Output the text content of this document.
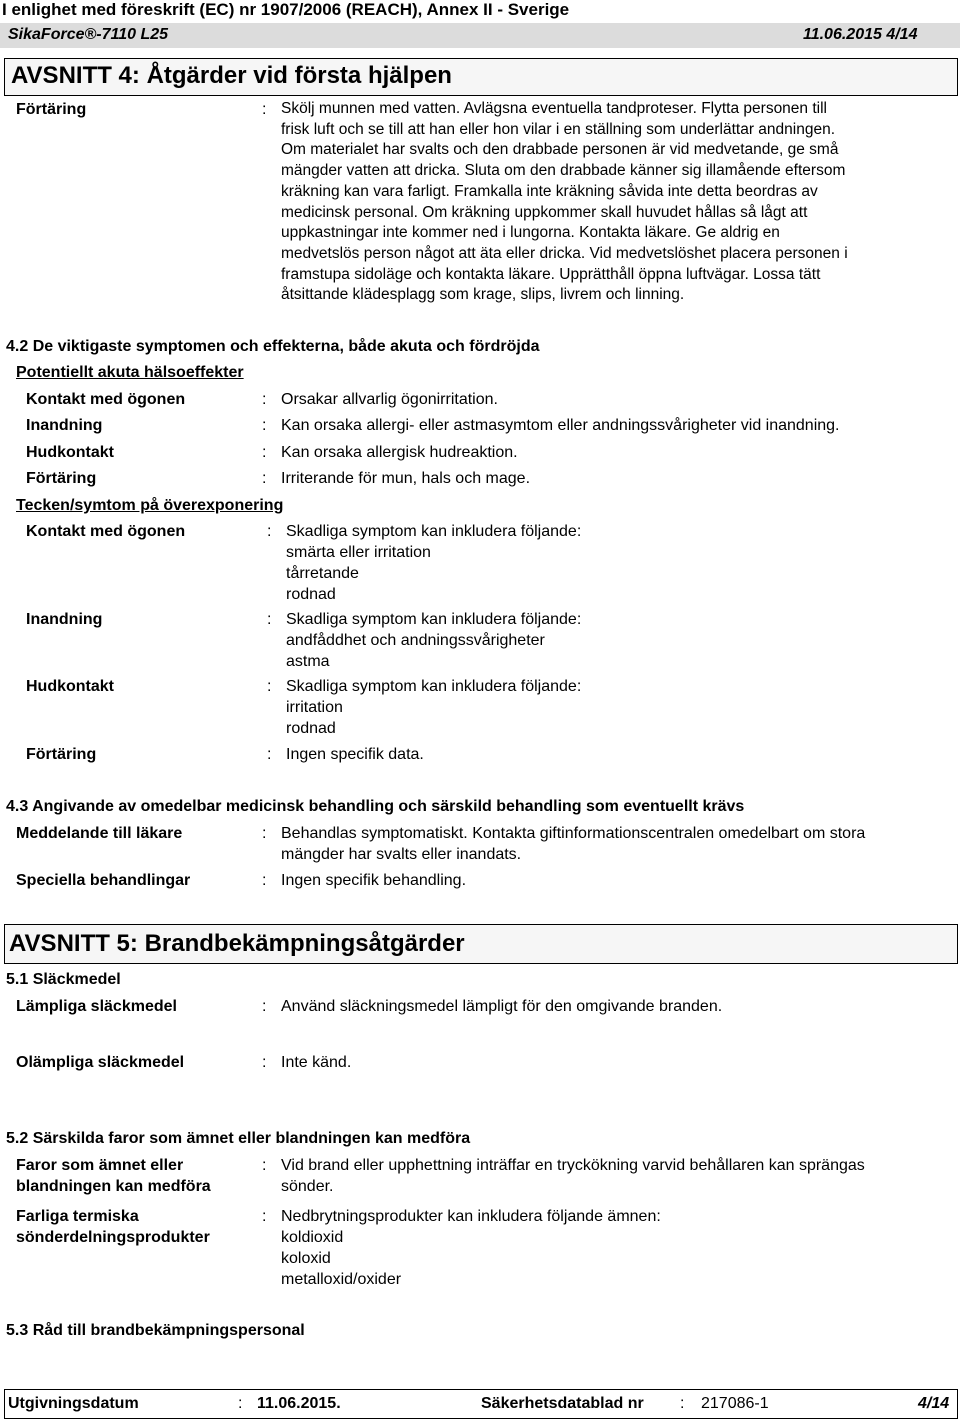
I enlighet med föreskrift (EC) nr 1907/2006 (REACH), Annex II - Sverige
SikaForce®-7110 L25	11.06.2015 4/14
AVSNITT 4: Åtgärder vid första hjälpen
Förtäring	: Skölj munnen med vatten. Avlägsna eventuella tandproteser. Flytta personen till
frisk luft och se till att han eller hon vilar i en ställning som underlättar andningen.
Om materialet har svalts och den drabbade personen är vid medvetande, ge små
mängder vatten att dricka. Sluta om den drabbade känner sig illamående eftersom
kräkning kan vara farligt. Framkalla inte kräkning såvida inte detta beordras av
medicinsk personal. Om kräkning uppkommer skall huvudet hållas så lågt att
uppkastningar inte kommer ned i lungorna. Kontakta läkare. Ge aldrig en
medvetslös person något att äta eller dricka. Vid medvetslöshet placera personen i
framstupa sidoläge och kontakta läkare. Upprätthåll öppna luftvägar. Lossa tätt
åtsittande klädesplagg som krage, slips, livrem och linning.
4.2 De viktigaste symptomen och effekterna, både akuta och fördröjda
Potentiellt akuta hälsoeffekter
Kontakt med ögonen	: Orsakar allvarlig ögonirritation.
Inandning	: Kan orsaka allergi- eller astmasymtom eller andningssvårigheter vid inandning.
Hudkontakt	: Kan orsaka allergisk hudreaktion.
Förtäring	: Irriterande för mun, hals och mage.
Tecken/symtom på överexponering
Kontakt med ögonen	: Skadliga symptom kan inkludera följande:
smärta eller irritation
tårretande
rodnad
Inandning	: Skadliga symptom kan inkludera följande:
andfåddhet och andningssvårigheter
astma
Hudkontakt	: Skadliga symptom kan inkludera följande:
irritation
rodnad
Förtäring	: Ingen specifik data.
4.3 Angivande av omedelbar medicinsk behandling och särskild behandling som eventuellt krävs
Meddelande till läkare	: Behandlas symptomatiskt. Kontakta giftinformationscentralen omedelbart om stora
mängder har svalts eller inandats.
Speciella behandlingar	: Ingen specifik behandling.
AVSNITT 5: Brandbekämpningsåtgärder
5.1 Släckmedel
Lämpliga släckmedel	: Använd släckningsmedel lämpligt för den omgivande branden.
Olämpliga släckmedel	: Inte känd.
5.2 Särskilda faror som ämnet eller blandningen kan medföra
Faror som ämnet eller
blandningen kan medföra
: Vid brand eller upphettning inträffar en tryckökning varvid behållaren kan sprängas
sönder.
Farliga termiska
sönderdelningsprodukter
: Nedbrytningsprodukter kan inkludera följande ämnen:
koldioxid
koloxid
metalloxid/oxider
5.3 Råd till brandbekämpningspersonal
Utgivningsdatum	: 11.06.2015.	Säkerhetsdatablad nr : 217086-1	4/14
